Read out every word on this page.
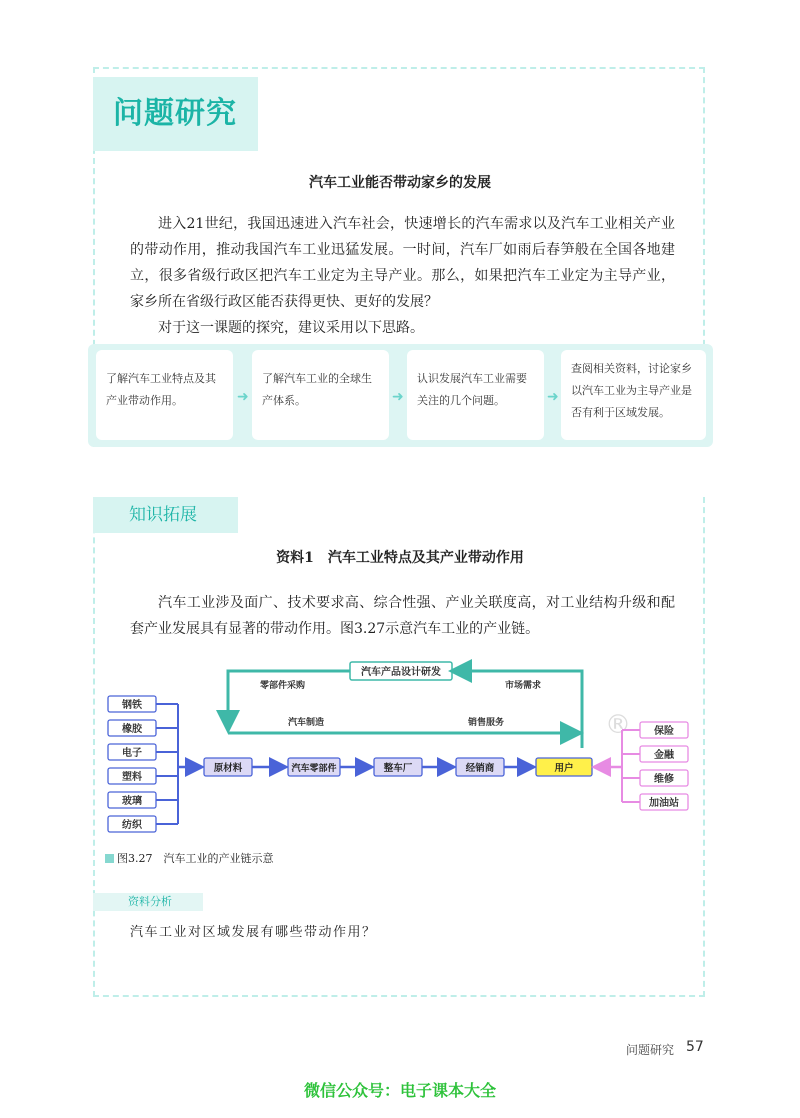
问题研究
汽车工业能否带动家乡的发展

进入21世纪，我国迅速进入汽车社会，快速增长的汽车需求以及汽车工业相关产业的带动作用，推动我国汽车工业迅猛发展。一时间，汽车厂如雨后春笋般在全国各地建立，很多省级行政区把汽车工业定为主导产业。那么，如果把汽车工业定为主导产业，家乡所在省级行政区能否获得更快、更好的发展？

对于这一课题的探究，建议采用以下思路。

了解汽车工业特点及其产业带动作用。	➜
了解汽车工业的全球生产体系。	➜
认识发展汽车工业需要关注的几个问题。	➜
查阅相关资料，讨论家乡以汽车工业为主导产业是否有利于区域发展。
知识拓展
资料1　汽车工业特点及其产业带动作用

汽车工业涉及面广、技术要求高、综合性强、产业关联度高，对工业结构升级和配套产业发展具有显著的带动作用。图3.27示意汽车工业的产业链。

®
汽车产品设计研发
零部件采购	市场需求
汽车制造	销售服务
钢铁
橡胶
电子
塑料
玻璃
纺织
原材料	汽车零部件	整车厂	经销商	用户
保险
金融
维修
加油站
图3.27　汽车工业的产业链示意
资料分析
汽车工业对区域发展有哪些带动作用？
问题研究 57
微信公众号：电子课本大全
